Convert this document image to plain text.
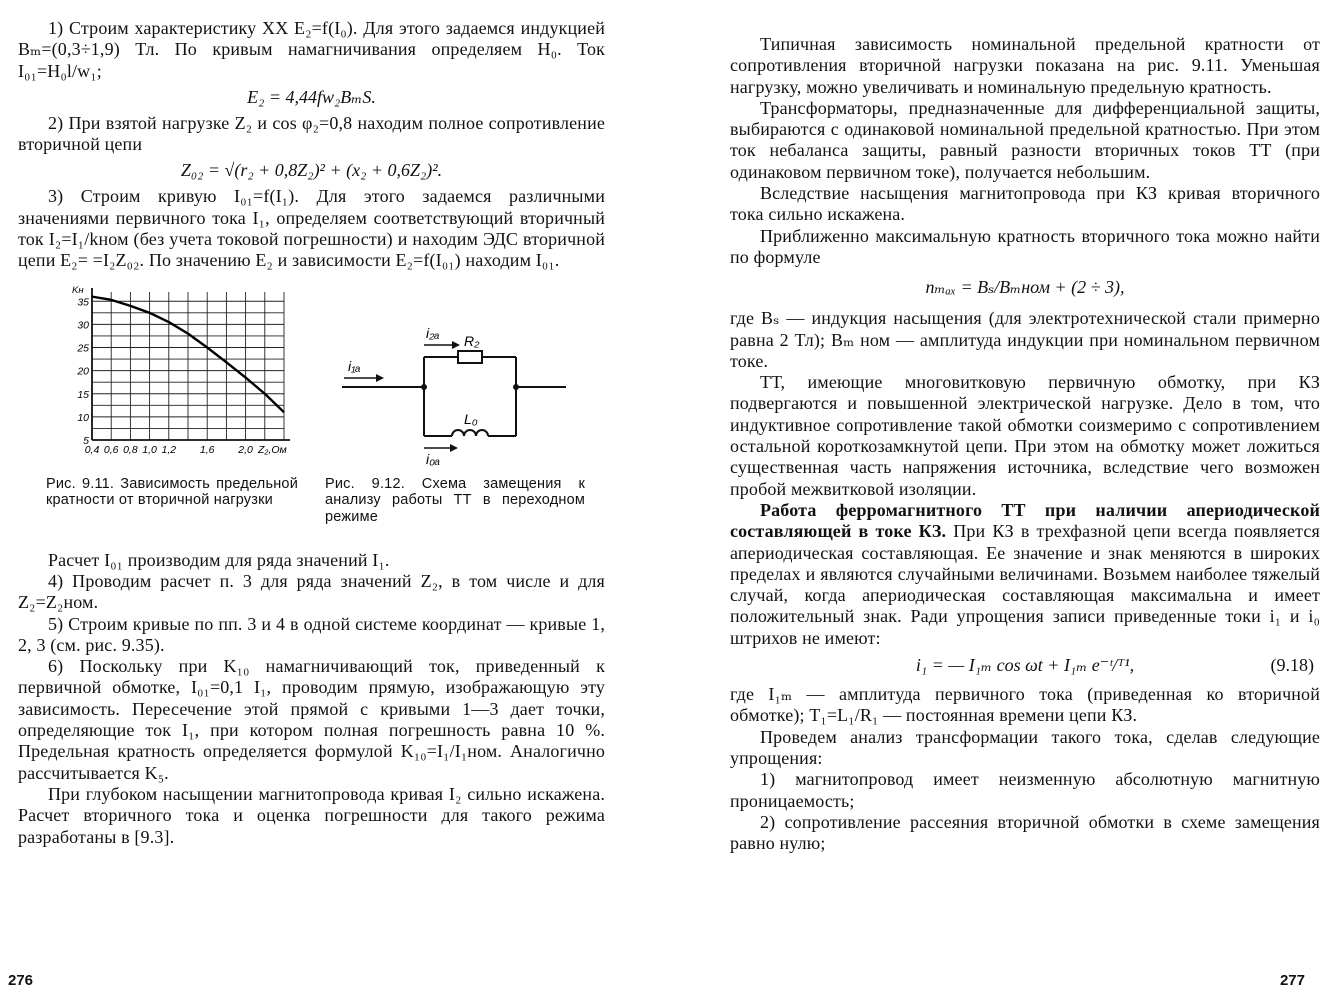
1) Строим характеристику XX E₂=f(I₀). Для этого задаемся индукцией Bₘ=(0,3÷1,9) Тл. По кривым намагничивания определяем H₀. Ток I₀₁=H₀l/w₁;

E₂ = 4,44fw₂BₘS.

2) При взятой нагрузке Z₂ и cos φ₂=0,8 находим полное сопротивление вторичной цепи

Z₀₂ = √(r₂ + 0,8Z₂)² + (x₂ + 0,6Z₂)².

3) Строим кривую I₀₁=f(I₁). Для этого задаемся различными значениями первичного тока I₁, определяем соответствующий вторичный ток I₂=I₁/kном (без учета токовой погрешности) и находим ЭДС вторичной цепи E₂= =I₂Z₀₂. По значению E₂ и зависимости E₂=f(I₀₁) находим I₀₁.

5
10
15
20
25
30
35
0,4 0,6 0,8 1,0 1,2 1,6 2,0
Kн
Z₂,Ом
i₁ₐ
i₂ₐ R₂
L₀
i₀ₐ
Рис. 9.11. Зависимость предельной кратности от вторичной нагрузки
Рис. 9.12. Схема замещения к анализу работы ТТ в переходном режиме

Расчет I₀₁ производим для ряда значений I₁.

4) Проводим расчет п. 3 для ряда значений Z₂, в том числе и для Z₂=Z₂ном.

5) Строим кривые по пп. 3 и 4 в одной системе координат — кривые 1, 2, 3 (см. рис. 9.35).

6) Поскольку при K₁₀ намагничивающий ток, приведенный к первичной обмотке, I₀₁=0,1 I₁, проводим прямую, изображающую эту зависимость. Пересечение этой прямой с кривыми 1—3 дает точки, определяющие ток I₁, при котором полная погрешность равна 10 %. Предельная кратность определяется формулой K₁₀=I₁/I₁ном. Аналогично рассчитывается K₅.

При глубоком насыщении магнитопровода кривая I₂ сильно искажена. Расчет вторичного тока и оценка погрешности для такого режима разработаны в [9.3].

276

Типичная зависимость номинальной предельной кратности от сопротивления вторичной нагрузки показана на рис. 9.11. Уменьшая нагрузку, можно увеличивать и номинальную предельную кратность.

Трансформаторы, предназначенные для дифференциальной защиты, выбираются с одинаковой номинальной предельной кратностью. При этом ток небаланса защиты, равный разности вторичных токов ТТ (при одинаковом первичном токе), получается небольшим.

Вследствие насыщения магнитопровода при КЗ кривая вторичного тока сильно искажена.

Приближенно максимальную кратность вторичного тока можно найти по формуле

nₘₐₓ = Bₛ/Bₘном + (2 ÷ 3),

где Bₛ — индукция насыщения (для электротехнической стали примерно равна 2 Тл); Bₘ ном — амплитуда индукции при номинальном первичном токе.

ТТ, имеющие многовитковую первичную обмотку, при КЗ подвергаются и повышенной электрической нагрузке. Дело в том, что индуктивное сопротивление такой обмотки соизмеримо с сопротивлением остальной короткозамкнутой цепи. При этом на обмотку может ложиться существенная часть напряжения источника, вследствие чего возможен пробой межвитковой изоляции.

Работа ферромагнитного ТТ при наличии апериодической составляющей в токе КЗ. При КЗ в трехфазной цепи всегда появляется апериодическая составляющая. Ее значение и знак меняются в широких пределах и являются случайными величинами. Возьмем наиболее тяжелый случай, когда апериодическая составляющая максимальна и имеет положительный знак. Ради упрощения записи приведенные токи i₁ и i₀ штрихов не имеют:

i₁ = — I₁ₘ cos ωt + I₁ₘ e⁻ᵗ/ᵀ¹,	(9.18)

где I₁ₘ — амплитуда первичного тока (приведенная ко вторичной обмотке); T₁=L₁/R₁ — постоянная времени цепи КЗ.

Проведем анализ трансформации такого тока, сделав следующие упрощения:

1) магнитопровод имеет неизменную абсолютную магнитную проницаемость;

2) сопротивление рассеяния вторичной обмотки в схеме замещения равно нулю;

277
